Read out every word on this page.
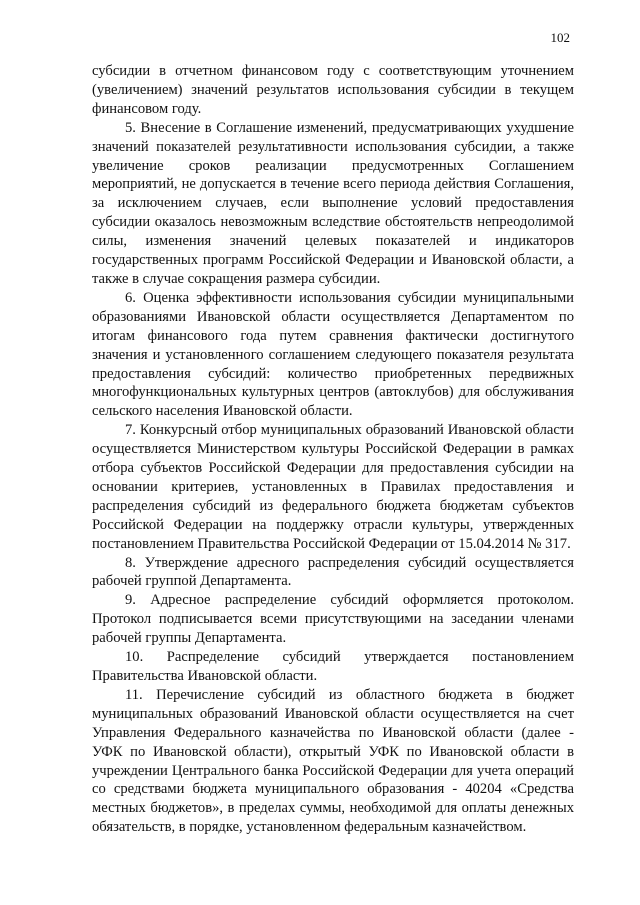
102

субсидии в отчетном финансовом году с соответствующим уточнением (увеличением) значений результатов использования субсидии в текущем финансовом году.

5. Внесение в Соглашение изменений, предусматривающих ухудшение значений показателей результативности использования субсидии, а также увеличение сроков реализации предусмотренных Соглашением мероприятий, не допускается в течение всего периода действия Соглашения, за исключением случаев, если выполнение условий предоставления субсидии оказалось невозможным вследствие обстоятельств непреодолимой силы, изменения значений целевых показателей и индикаторов государственных программ Российской Федерации и Ивановской области, а также в случае сокращения размера субсидии.

6. Оценка эффективности использования субсидии муниципальными образованиями Ивановской области осуществляется Департаментом по итогам финансового года путем сравнения фактически достигнутого значения и установленного соглашением следующего показателя результата предоставления субсидий: количество приобретенных передвижных многофункциональных культурных центров (автоклубов) для обслуживания сельского населения Ивановской области.

7. Конкурсный отбор муниципальных образований Ивановской области осуществляется Министерством культуры Российской Федерации в рамках отбора субъектов Российской Федерации для предоставления субсидии на основании критериев, установленных в Правилах предоставления и распределения субсидий из федерального бюджета бюджетам субъектов Российской Федерации на поддержку отрасли культуры, утвержденных постановлением Правительства Российской Федерации от 15.04.2014 № 317.

8. Утверждение адресного распределения субсидий осуществляется рабочей группой Департамента.

9. Адресное распределение субсидий оформляется протоколом. Протокол подписывается всеми присутствующими на заседании членами рабочей группы Департамента.

10. Распределение субсидий утверждается постановлением Правительства Ивановской области.

11. Перечисление субсидий из областного бюджета в бюджет муниципальных образований Ивановской области осуществляется на счет Управления Федерального казначейства по Ивановской области (далее - УФК по Ивановской области), открытый УФК по Ивановской области в учреждении Центрального банка Российской Федерации для учета операций со средствами бюджета муниципального образования - 40204 «Средства местных бюджетов», в пределах суммы, необходимой для оплаты денежных обязательств, в порядке, установленном федеральным казначейством.
